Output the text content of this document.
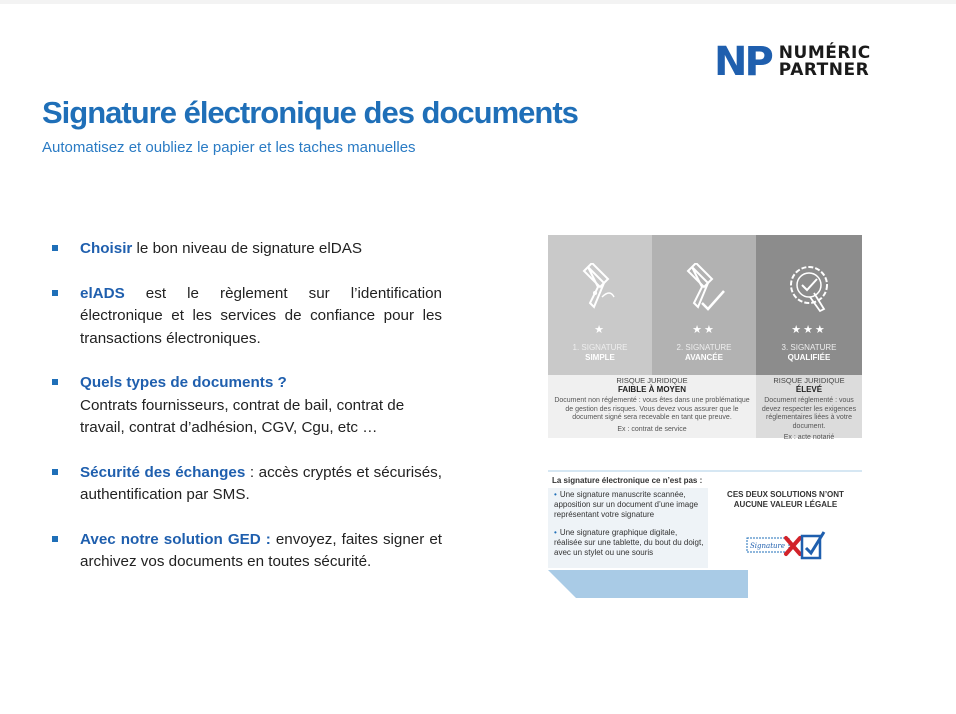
NP NUMÉRIC
PARTNER
Signature électronique des documents
Automatisez et oubliez le papier et les taches manuelles
Choisir le bon niveau de signature elDAS
elADS est le règlement sur l’identification électronique et les services de confiance pour les transactions électroniques.
Quels types de documents ?

Contrats fournisseurs, contrat de bail, contrat de travail, contrat d’adhésion, CGV, Cgu, etc …
Sécurité des échanges : accès cryptés et sécurisés, authentification par SMS.
Avec notre solution GED : envoyez, faites signer et archivez vos documents en toutes sécurité.
★
1. SIGNATURE
SIMPLE
★★
2. SIGNATURE
AVANCÉE
★★★
3. SIGNATURE
QUALIFIÉE
RISQUE JURIDIQUE
FAIBLE À MOYEN
Document non réglementé : vous êtes dans une problématique de gestion des risques. Vous devez vous assurer que le document signé sera recevable en tant que preuve.
Ex : contrat de service
RISQUE JURIDIQUE
ÉLEVÉ
Document réglementé : vous devez respecter les exigences réglementaires liées à votre document.
Ex : acte notarié
La signature électronique ce n’est pas :
• Une signature manuscrite scannée, apposition sur un document d’une image représentant votre signature
• Une signature graphique digitale, réalisée sur une tablette, du bout du doigt, avec un stylet ou une souris
CES DEUX SOLUTIONS N’ONT AUCUNE VALEUR LÉGALE
Signature
